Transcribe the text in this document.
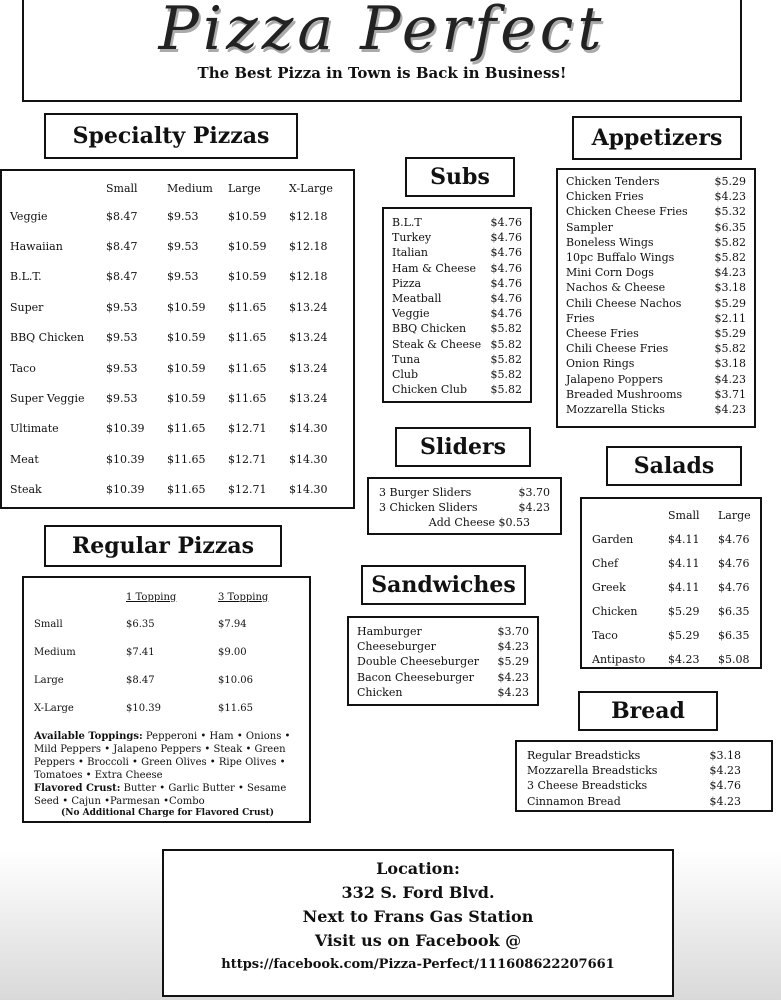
Pizza Perfect
The Best Pizza in Town is Back in Business!
Specialty Pizzas
	Small	Medium	Large	X-Large
Veggie	$8.47	$9.53	$10.59	$12.18
Hawaiian	$8.47	$9.53	$10.59	$12.18
B.L.T.	$8.47	$9.53	$10.59	$12.18
Super	$9.53	$10.59	$11.65	$13.24
BBQ Chicken	$9.53	$10.59	$11.65	$13.24
Taco	$9.53	$10.59	$11.65	$13.24
Super Veggie	$9.53	$10.59	$11.65	$13.24
Ultimate	$10.39	$11.65	$12.71	$14.30
Meat	$10.39	$11.65	$12.71	$14.30
Steak	$10.39	$11.65	$12.71	$14.30
Subs
B.L.T	$4.76
Turkey	$4.76
Italian	$4.76
Ham & Cheese $4.76
Pizza	$4.76
Meatball	$4.76
Veggie	$4.76
BBQ Chicken $5.82
Steak & Cheese $5.82
Tuna	$5.82
Club	$5.82
Chicken Club $5.82
Appetizers
Chicken Tenders	$5.29
Chicken Fries	$4.23
Chicken Cheese Fries $5.32
Sampler	$6.35
Boneless Wings	$5.82
10pc Buffalo Wings	$5.82
Mini Corn Dogs	$4.23
Nachos & Cheese	$3.18
Chili Cheese Nachos	$5.29
Fries	$2.11
Cheese Fries	$5.29
Chili Cheese Fries	$5.82
Onion Rings	$3.18
Jalapeno Poppers	$4.23
Breaded Mushrooms	$3.71
Mozzarella Sticks	$4.23
Sliders
3 Burger Sliders	$3.70
3 Chicken Sliders	$4.23
Add Cheese $0.53
Salads
	Small	Large
Garden	$4.11	$4.76
Chef	$4.11	$4.76
Greek	$4.11	$4.76
Chicken	$5.29	$6.35
Taco	$5.29	$6.35
Antipasto	$4.23	$5.08
Regular Pizzas
	1 Topping	3 Topping
Small	$6.35	$7.94
Medium	$7.41	$9.00
Large	$8.47	$10.06
X-Large	$10.39	$11.65
Available Toppings: Pepperoni • Ham • Onions • Mild Peppers • Jalapeno Peppers • Steak • Green Peppers • Broccoli • Green Olives • Ripe Olives • Tomatoes • Extra Cheese
Flavored Crust: Butter • Garlic Butter • Sesame Seed • Cajun •Parmesan •Combo
(No Additional Charge for Flavored Crust)
Sandwiches
Hamburger	$3.70
Cheeseburger	$4.23
Double Cheeseburger $5.29
Bacon Cheeseburger $4.23
Chicken	$4.23
Bread
Regular Breadsticks	$3.18
Mozzarella Breadsticks	$4.23
3 Cheese Breadsticks	$4.76
Cinnamon Bread	$4.23
Location:
332 S. Ford Blvd.
Next to Frans Gas Station
Visit us on Facebook @
https://facebook.com/Pizza-Perfect/111608622207661
